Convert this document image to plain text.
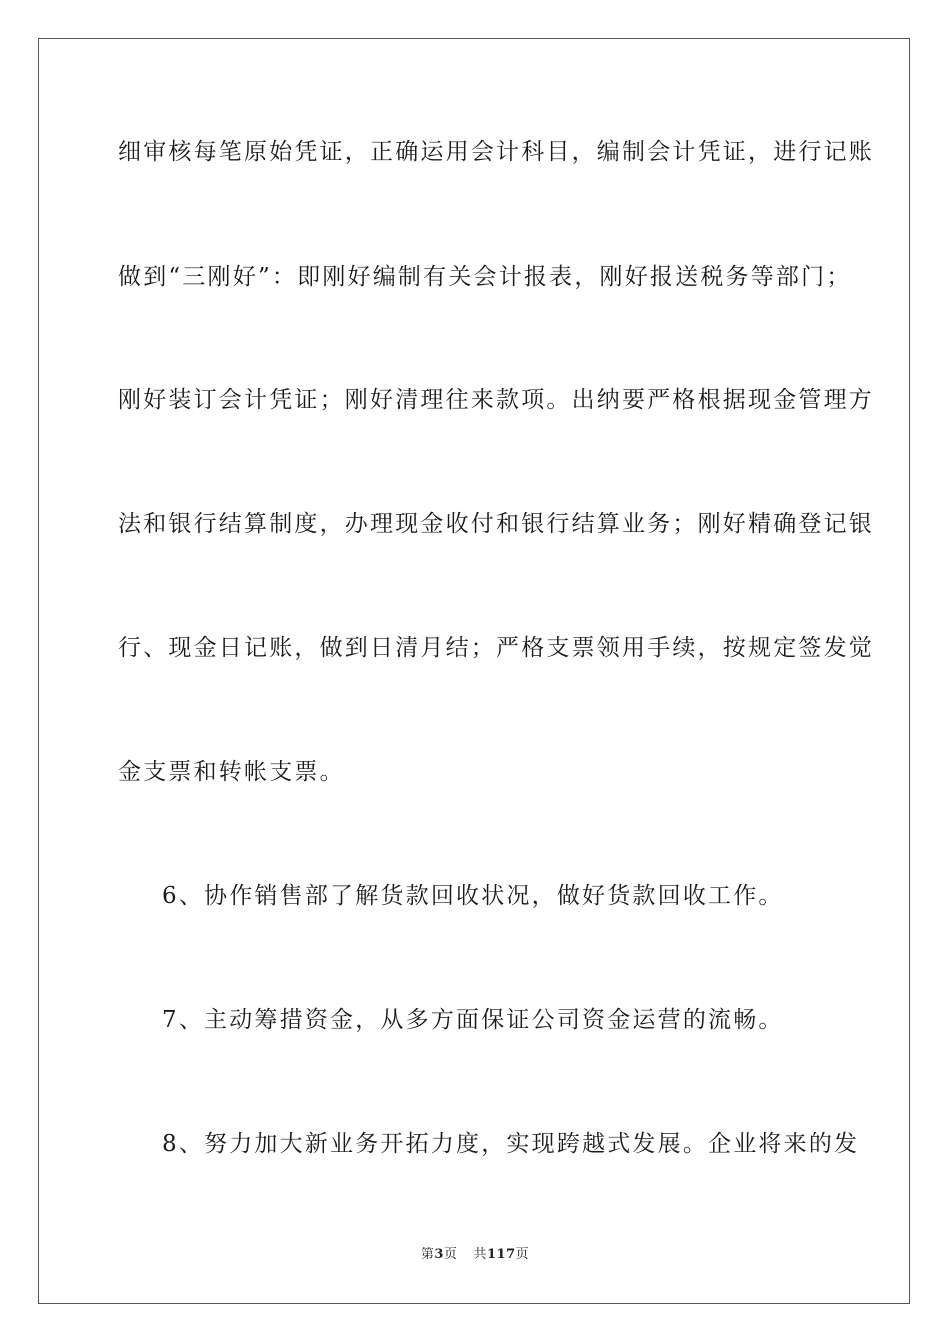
细审核每笔原始凭证，正确运用会计科目，编制会计凭证，进行记账
做到“三刚好”：即刚好编制有关会计报表，刚好报送税务等部门；
刚好装订会计凭证；刚好清理往来款项。出纳要严格根据现金管理方
法和银行结算制度，办理现金收付和银行结算业务；刚好精确登记银
行、现金日记账，做到日清月结；严格支票领用手续，按规定签发觉
金支票和转帐支票。
6、协作销售部了解货款回收状况，做好货款回收工作。
7、主动筹措资金，从多方面保证公司资金运营的流畅。
8、努力加大新业务开拓力度，实现跨越式发展。企业将来的发
第3页 共117页
